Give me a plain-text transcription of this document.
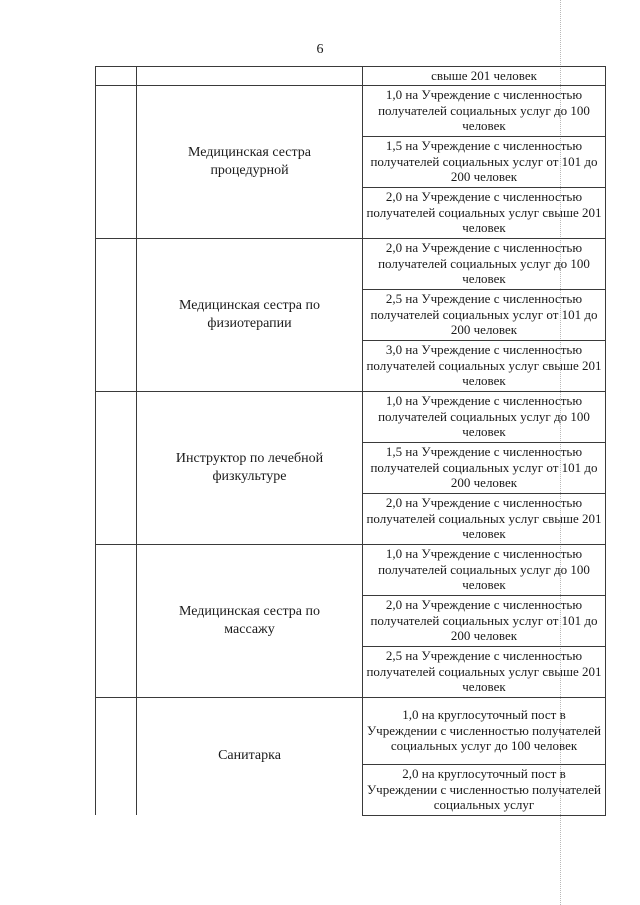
6
		свыше 201 человек
	Медицинская сестра процедурной	1,0 на Учреждение с численностью получателей социальных услуг до 100 человек
		1,5 на Учреждение с численностью получателей социальных услуг от 101 до 200 человек
		2,0 на Учреждение с численностью получателей социальных услуг свыше 201 человек
	Медицинская сестра по физиотерапии	2,0 на Учреждение с численностью получателей социальных услуг до 100 человек
		2,5 на Учреждение с численностью получателей социальных услуг от 101 до 200 человек
		3,0 на Учреждение с численностью получателей социальных услуг свыше 201 человек
	Инструктор по лечебной физкультуре	1,0 на Учреждение с численностью получателей социальных услуг до 100 человек
		1,5 на Учреждение с численностью получателей социальных услуг от 101 до 200 человек
		2,0 на Учреждение с численностью получателей социальных услуг свыше 201 человек
	Медицинская сестра по массажу	1,0 на Учреждение с численностью получателей социальных услуг до 100 человек
		2,0 на Учреждение с численностью получателей социальных услуг от 101 до 200 человек
		2,5 на Учреждение с численностью получателей социальных услуг свыше 201 человек
	Санитарка	1,0 на круглосуточный пост в Учреждении с численностью получателей социальных услуг до 100 человек
		2,0 на круглосуточный пост в Учреждении с численностью получателей социальных услуг
